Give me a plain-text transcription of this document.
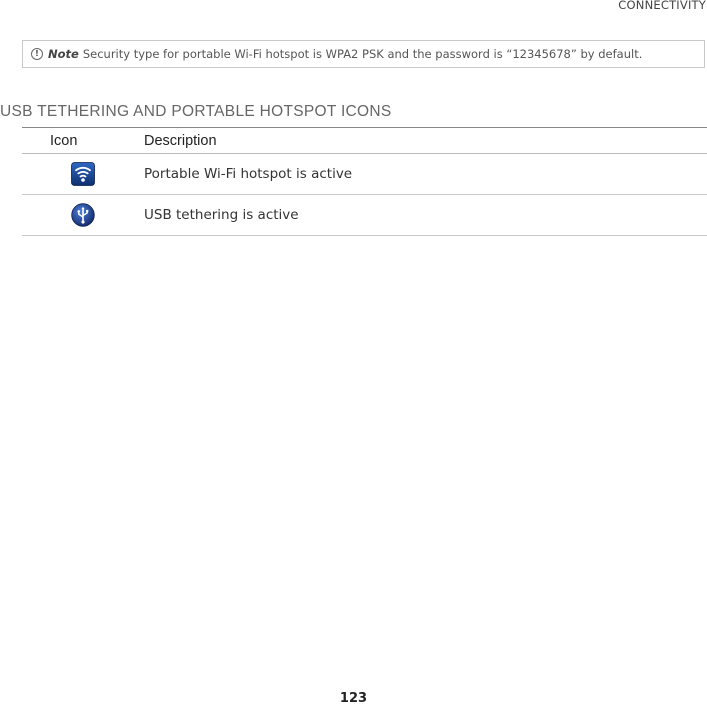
CONNECTIVITY
! Note Security type for portable Wi-Fi hotspot is WPA2 PSK and the password is “12345678” by default.
USB TETHERING AND PORTABLE HOTSPOT ICONS
Icon	Description
	Portable Wi-Fi hotspot is active
	USB tethering is active
123
